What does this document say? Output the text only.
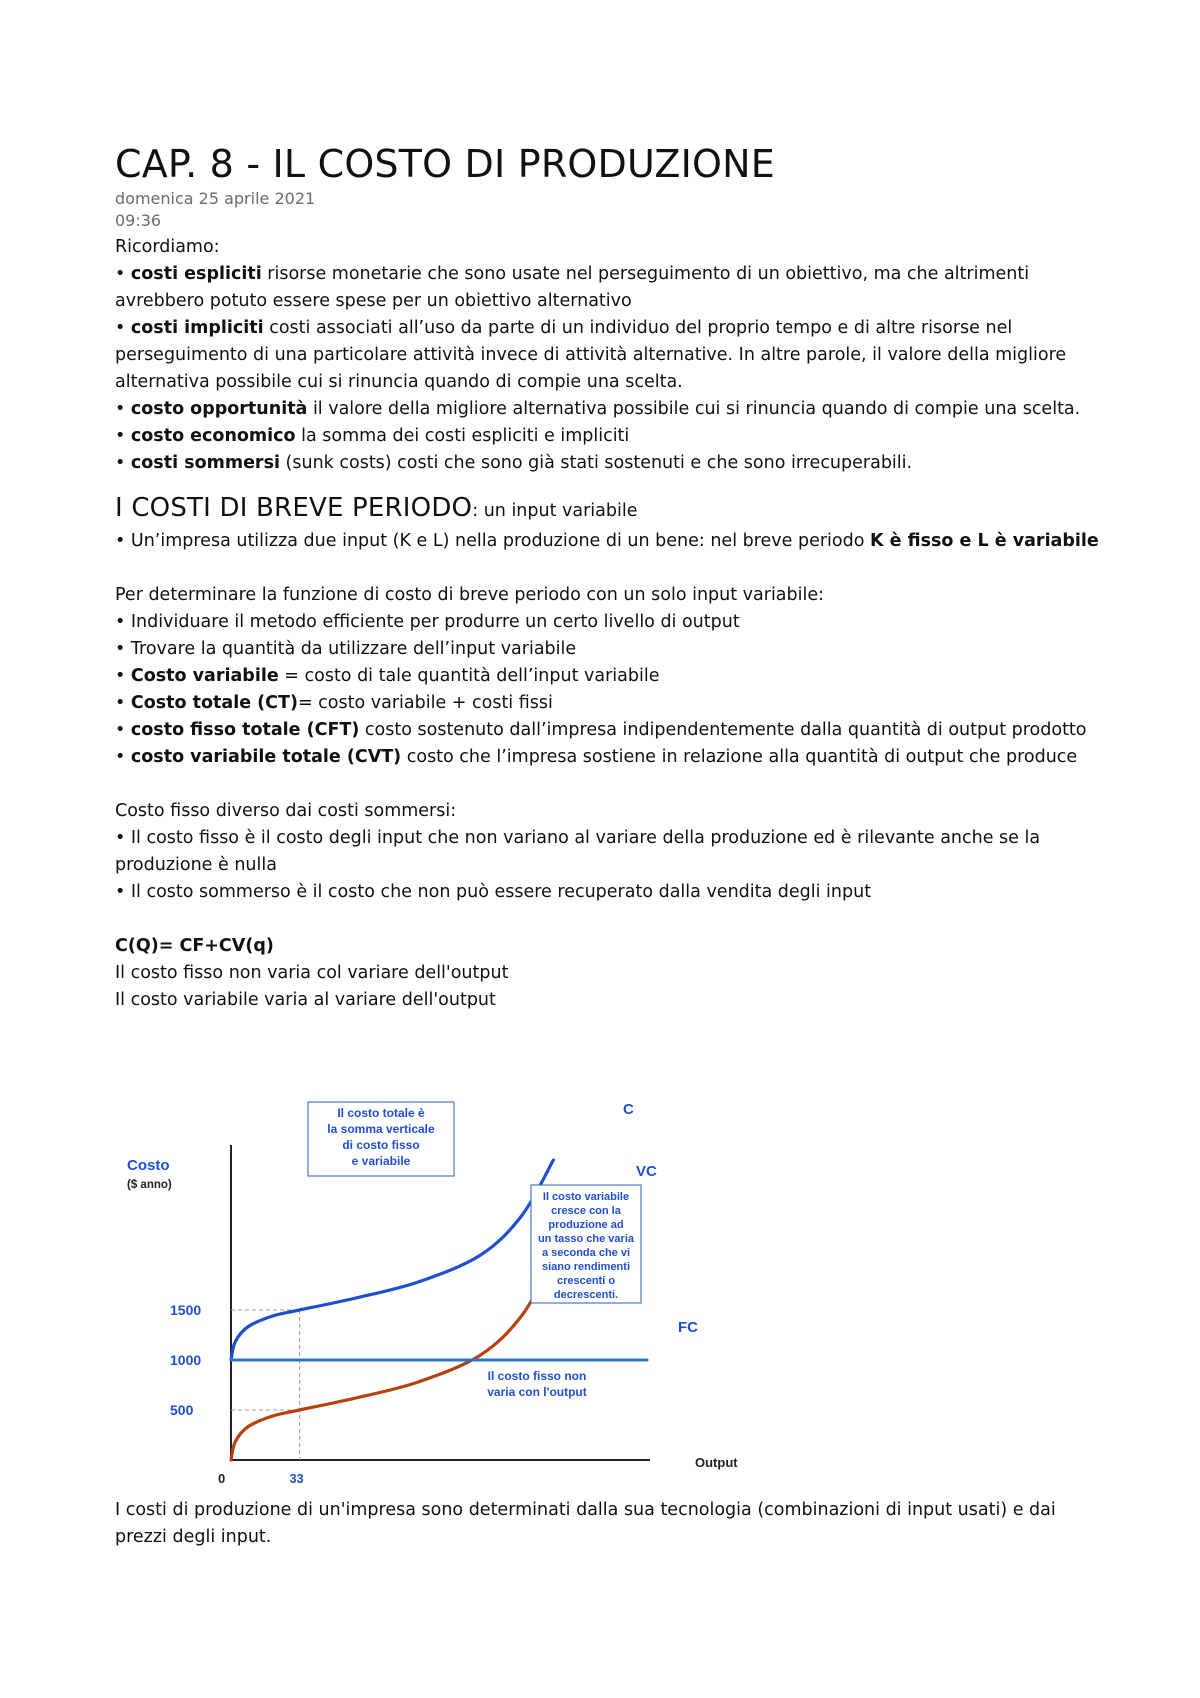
CAP. 8 - IL COSTO DI PRODUZIONE
domenica 25 aprile 2021
09:36

Ricordiamo:

• costi espliciti risorse monetarie che sono usate nel perseguimento di un obiettivo, ma che altrimenti avrebbero potuto essere spese per un obiettivo alternativo

• costi impliciti costi associati all’uso da parte di un individuo del proprio tempo e di altre risorse nel perseguimento di una particolare attività invece di attività alternative. In altre parole, il valore della migliore alternativa possibile cui si rinuncia quando di compie una scelta.

• costo opportunità il valore della migliore alternativa possibile cui si rinuncia quando di compie una scelta.

• costo economico la somma dei costi espliciti e impliciti

• costi sommersi (sunk costs) costi che sono già stati sostenuti e che sono irrecuperabili.

I COSTI DI BREVE PERIODO: un input variabile

• Un’impresa utilizza due input (K e L) nella produzione di un bene: nel breve periodo K è fisso e L è variabile

Per determinare la funzione di costo di breve periodo con un solo input variabile:

• Individuare il metodo efficiente per produrre un certo livello di output

• Trovare la quantità da utilizzare dell’input variabile

• Costo variabile = costo di tale quantità dell’input variabile

• Costo totale (CT)= costo variabile + costi fissi

• costo fisso totale (CFT) costo sostenuto dall’impresa indipendentemente dalla quantità di output prodotto

• costo variabile totale (CVT) costo che l’impresa sostiene in relazione alla quantità di output che produce

Costo fisso diverso dai costi sommersi:

• Il costo fisso è il costo degli input che non variano al variare della produzione ed è rilevante anche se la produzione è nulla

• Il costo sommerso è il costo che non può essere recuperato dalla vendita degli input

C(Q)= CF+CV(q)

Il costo fisso non varia col variare dell'output

Il costo variabile varia al variare dell'output

Costo
($ anno)
Output
0
1500
1000
500
33
C
VC
FC
Il costo totale è
la somma verticale
di costo fisso
e variabile
Il costo variabile
cresce con la
produzione ad
un tasso che varia
a seconda che vi
siano rendimenti
crescenti o
decrescenti.
Il costo fisso non
varia con l'output

I costi di produzione di un'impresa sono determinati dalla sua tecnologia (combinazioni di input usati) e dai prezzi degli input.
